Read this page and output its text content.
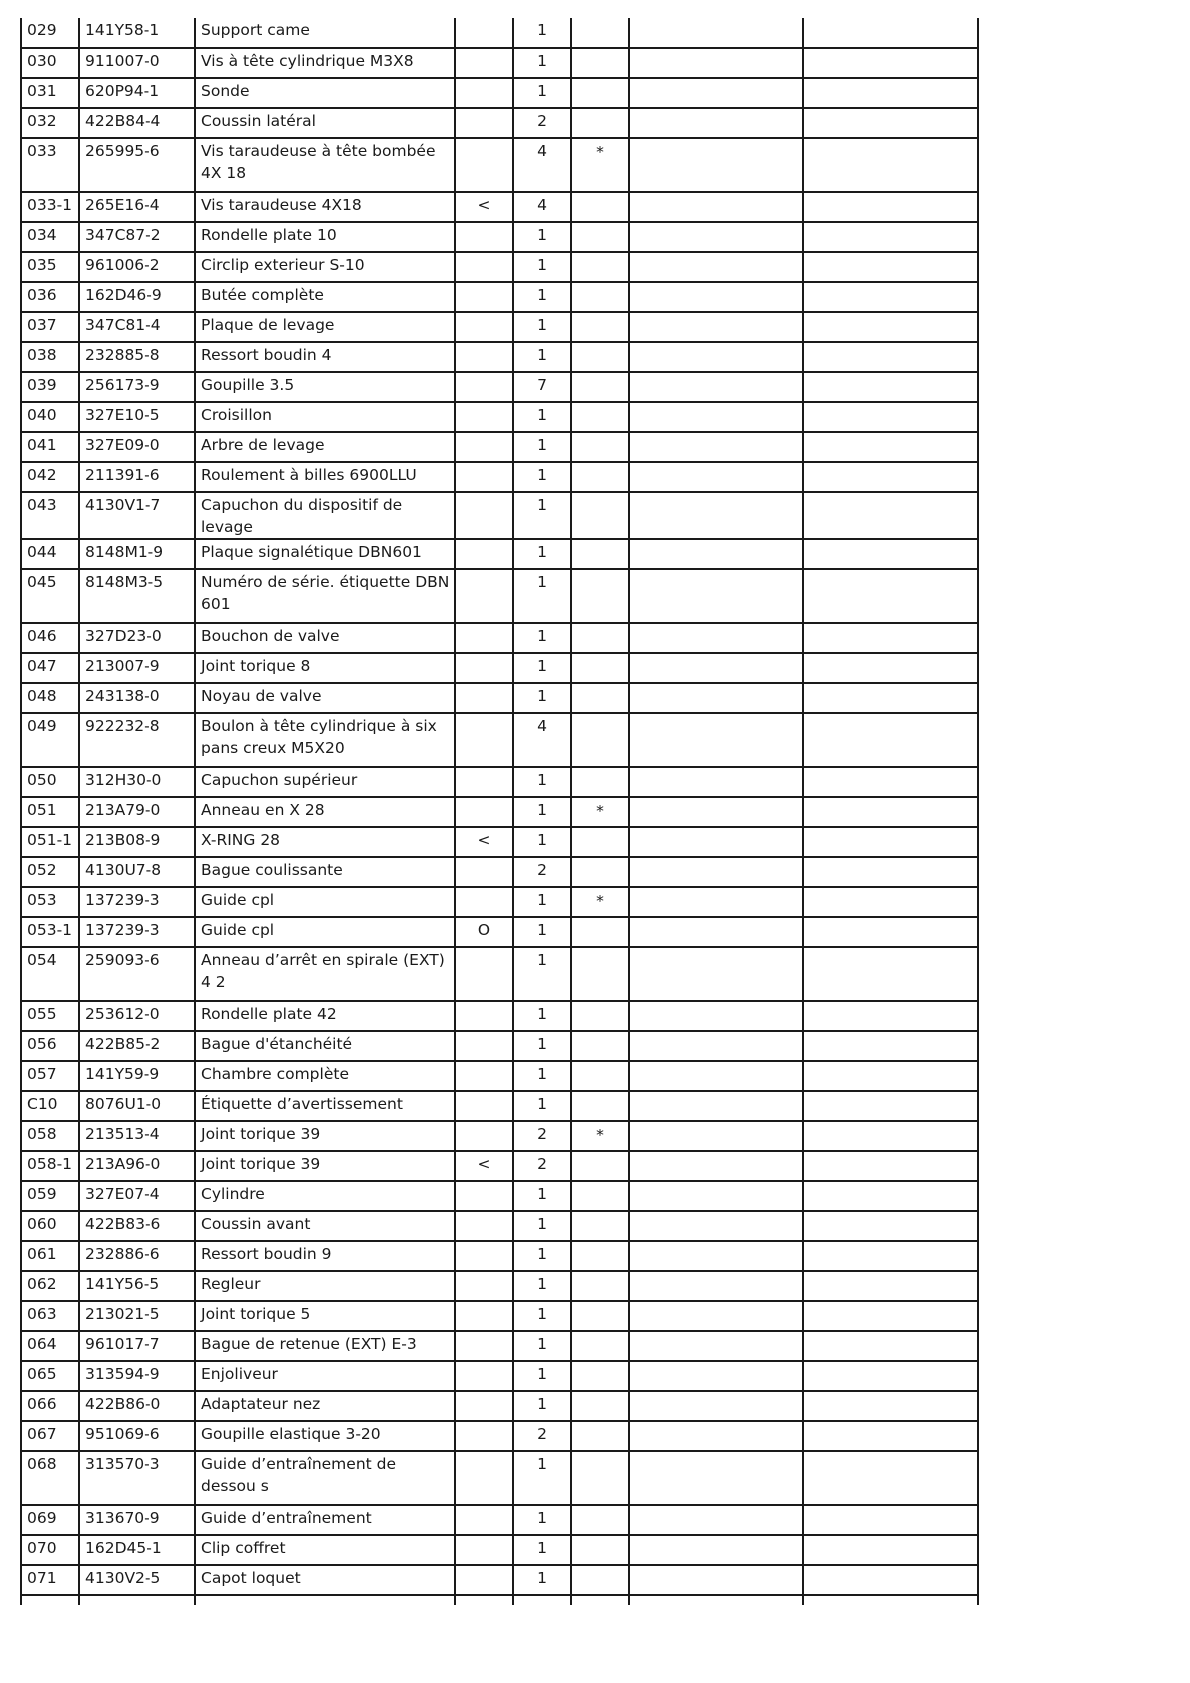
029	141Y58-1	Support came		1			

030	911007-0	Vis à tête cylindrique M3X8		1			

031	620P94-1	Sonde		1			

032	422B84-4	Coussin latéral		2			

033	265995-6	Vis taraudeuse à tête bombée 4X 18		4	*		

033-1	265E16-4	Vis taraudeuse 4X18	<	4			

034	347C87-2	Rondelle plate 10		1			

035	961006-2	Circlip exterieur S-10		1			

036	162D46-9	Butée complète		1			

037	347C81-4	Plaque de levage		1			

038	232885-8	Ressort boudin 4		1			

039	256173-9	Goupille 3.5		7			

040	327E10-5	Croisillon		1			

041	327E09-0	Arbre de levage		1			

042	211391-6	Roulement à billes 6900LLU		1			

043	4130V1-7	Capuchon du dispositif de levage		1			

044	8148M1-9	Plaque signalétique DBN601		1			

045	8148M3-5	Numéro de série. étiquette DBN 601		1			

046	327D23-0	Bouchon de valve		1			

047	213007-9	Joint torique 8		1			

048	243138-0	Noyau de valve		1			

049	922232-8	Boulon à tête cylindrique à six pans creux M5X20		4			

050	312H30-0	Capuchon supérieur		1			

051	213A79-0	Anneau en X 28		1	*		

051-1	213B08-9	X-RING 28	<	1			

052	4130U7-8	Bague coulissante		2			

053	137239-3	Guide cpl		1	*		

053-1	137239-3	Guide cpl	O	1			

054	259093-6	Anneau d’arrêt en spirale (EXT) 4 2		1			

055	253612-0	Rondelle plate 42		1			

056	422B85-2	Bague d'étanchéité		1			

057	141Y59-9	Chambre complète		1			

C10	8076U1-0	Étiquette d’avertissement		1			

058	213513-4	Joint torique 39		2	*		

058-1	213A96-0	Joint torique 39	<	2			

059	327E07-4	Cylindre		1			

060	422B83-6	Coussin avant		1			

061	232886-6	Ressort boudin 9		1			

062	141Y56-5	Regleur		1			

063	213021-5	Joint torique 5		1			

064	961017-7	Bague de retenue (EXT) E-3		1			

065	313594-9	Enjoliveur		1			

066	422B86-0	Adaptateur nez		1			

067	951069-6	Goupille elastique 3-20		2			

068	313570-3	Guide d’entraînement de dessou s		1			

069	313670-9	Guide d’entraînement		1			

070	162D45-1	Clip coffret		1			

071	4130V2-5	Capot loquet		1			
